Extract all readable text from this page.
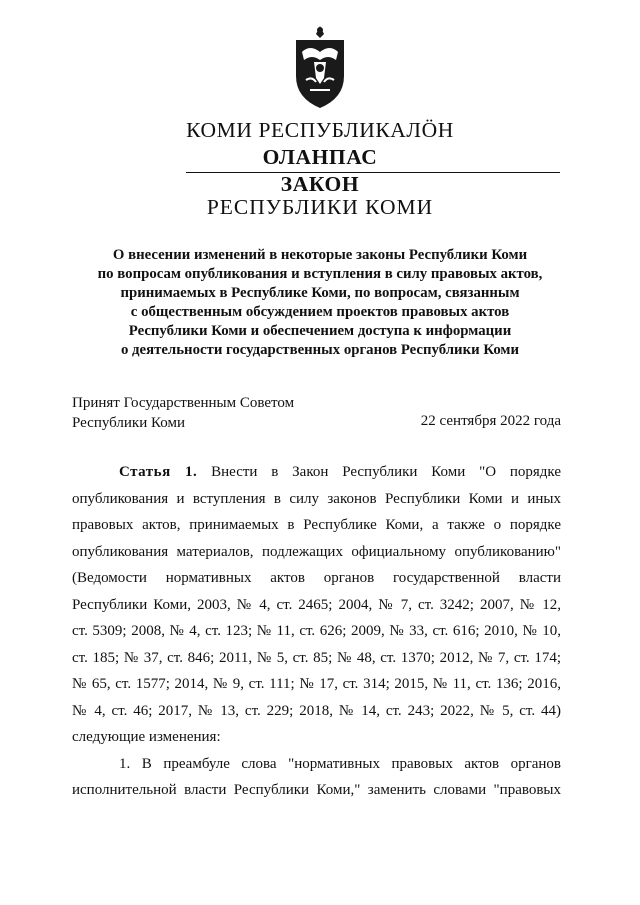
КОМИ РЕСПУБЛИКАЛӦН
ОЛАНПАС
ЗАКОН
РЕСПУБЛИКИ КОМИ
О внесении изменений в некоторые законы Республики Коми
по вопросам опубликования и вступления в силу правовых актов,
принимаемых в Республике Коми, по вопросам, связанным
с общественным обсуждением проектов правовых актов
Республики Коми и обеспечением доступа к информации
о деятельности государственных органов Республики Коми
Принят Государственным Советом
Республики Коми	22 сентября 2022 года
Статья 1. Внести в Закон Республики Коми "О порядке
опубликования и вступления в силу законов Республики Коми и иных
правовых актов, принимаемых в Республике Коми, а также о порядке
опубликования материалов, подлежащих официальному опубликованию"
(Ведомости нормативных актов органов государственной власти
Республики Коми, 2003, № 4, ст. 2465; 2004, № 7, ст. 3242; 2007, № 12,
ст. 5309; 2008, № 4, ст. 123; № 11, ст. 626; 2009, № 33, ст. 616; 2010, № 10,
ст. 185; № 37, ст. 846; 2011, № 5, ст. 85; № 48, ст. 1370; 2012, № 7, ст. 174;
№ 65, ст. 1577; 2014, № 9, ст. 111; № 17, ст. 314; 2015, № 11, ст. 136; 2016,
№ 4, ст. 46; 2017, № 13, ст. 229; 2018, № 14, ст. 243; 2022, № 5, ст. 44)
следующие изменения:
1. В преамбуле слова "нормативных правовых актов органов
исполнительной власти Республики Коми," заменить словами "правовых
